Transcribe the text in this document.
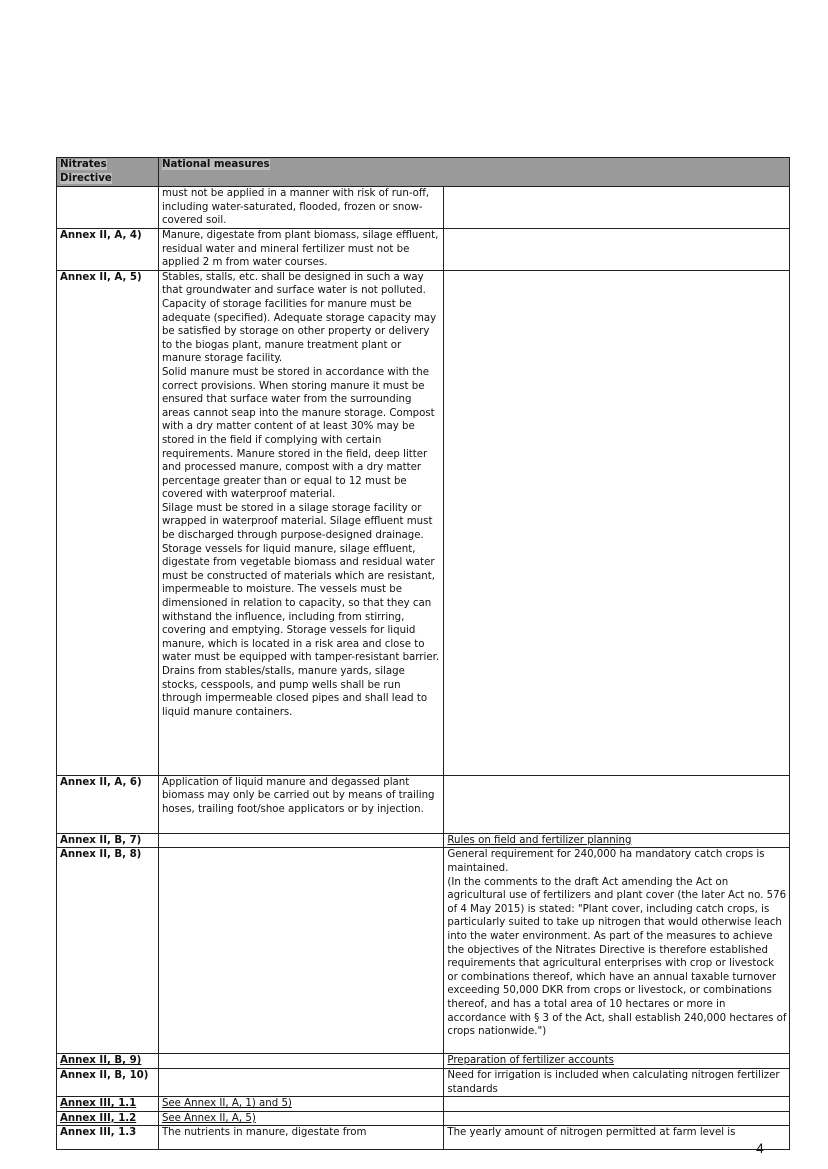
Nitrates Directive	National measures	

	must not be applied in a manner with risk of run-off, including water-saturated, flooded, frozen or snow-covered soil.	

Annex II, A, 4)	Manure, digestate from plant biomass, silage effluent, residual water and mineral fertilizer must not be applied 2 m from water courses.	

Annex II, A, 5)	Stables, stalls, etc. shall be designed in such a way that groundwater and surface water is not polluted.
Capacity of storage facilities for manure must be adequate (specified). Adequate storage capacity may be satisfied by storage on other property or delivery to the biogas plant, manure treatment plant or manure storage facility.
Solid manure must be stored in accordance with the correct provisions. When storing manure it must be ensured that surface water from the surrounding areas cannot seap into the manure storage. Compost with a dry matter content of at least 30% may be stored in the field if complying with certain requirements. Manure stored in the field, deep litter and processed manure, compost with a dry matter percentage greater than or equal to 12 must be covered with waterproof material.
Silage must be stored in a silage storage facility or wrapped in waterproof material. Silage effluent must be discharged through purpose-designed drainage.
Storage vessels for liquid manure, silage effluent, digestate from vegetable biomass and residual water must be constructed of materials which are resistant, impermeable to moisture. The vessels must be dimensioned in relation to capacity, so that they can withstand the influence, including from stirring, covering and emptying. Storage vessels for liquid manure, which is located in a risk area and close to water must be equipped with tamper-resistant barrier. Drains from stables/stalls, manure yards, silage stocks, cesspools, and pump wells shall be run through impermeable closed pipes and shall lead to liquid manure containers.	

Annex II, A, 6)	Application of liquid manure and degassed plant biomass may only be carried out by means of trailing hoses, trailing foot/shoe applicators or by injection.	

Annex II, B, 7)		Rules on field and fertilizer planning

Annex II, B, 8)		General requirement for 240,000 ha mandatory catch crops is maintained.
(In the comments to the draft Act amending the Act on agricultural use of fertilizers and plant cover (the later Act no. 576 of 4 May 2015) is stated: "Plant cover, including catch crops, is particularly suited to take up nitrogen that would otherwise leach into the water environment. As part of the measures to achieve the objectives of the Nitrates Directive is therefore established requirements that agricultural enterprises with crop or livestock or combinations thereof, which have an annual taxable turnover exceeding 50,000 DKR from crops or livestock, or combinations thereof, and has a total area of 10 hectares or more in accordance with § 3 of the Act, shall establish 240,000 hectares of crops nationwide.")

Annex II, B, 9)		Preparation of fertilizer accounts

Annex II, B, 10)		Need for irrigation is included when calculating nitrogen fertilizer standards

Annex III, 1.1	See Annex II, A, 1) and 5)	

Annex III, 1.2	See Annex II, A, 5)	

Annex III, 1.3	The nutrients in manure, digestate from	The yearly amount of nitrogen permitted at farm level is
4
